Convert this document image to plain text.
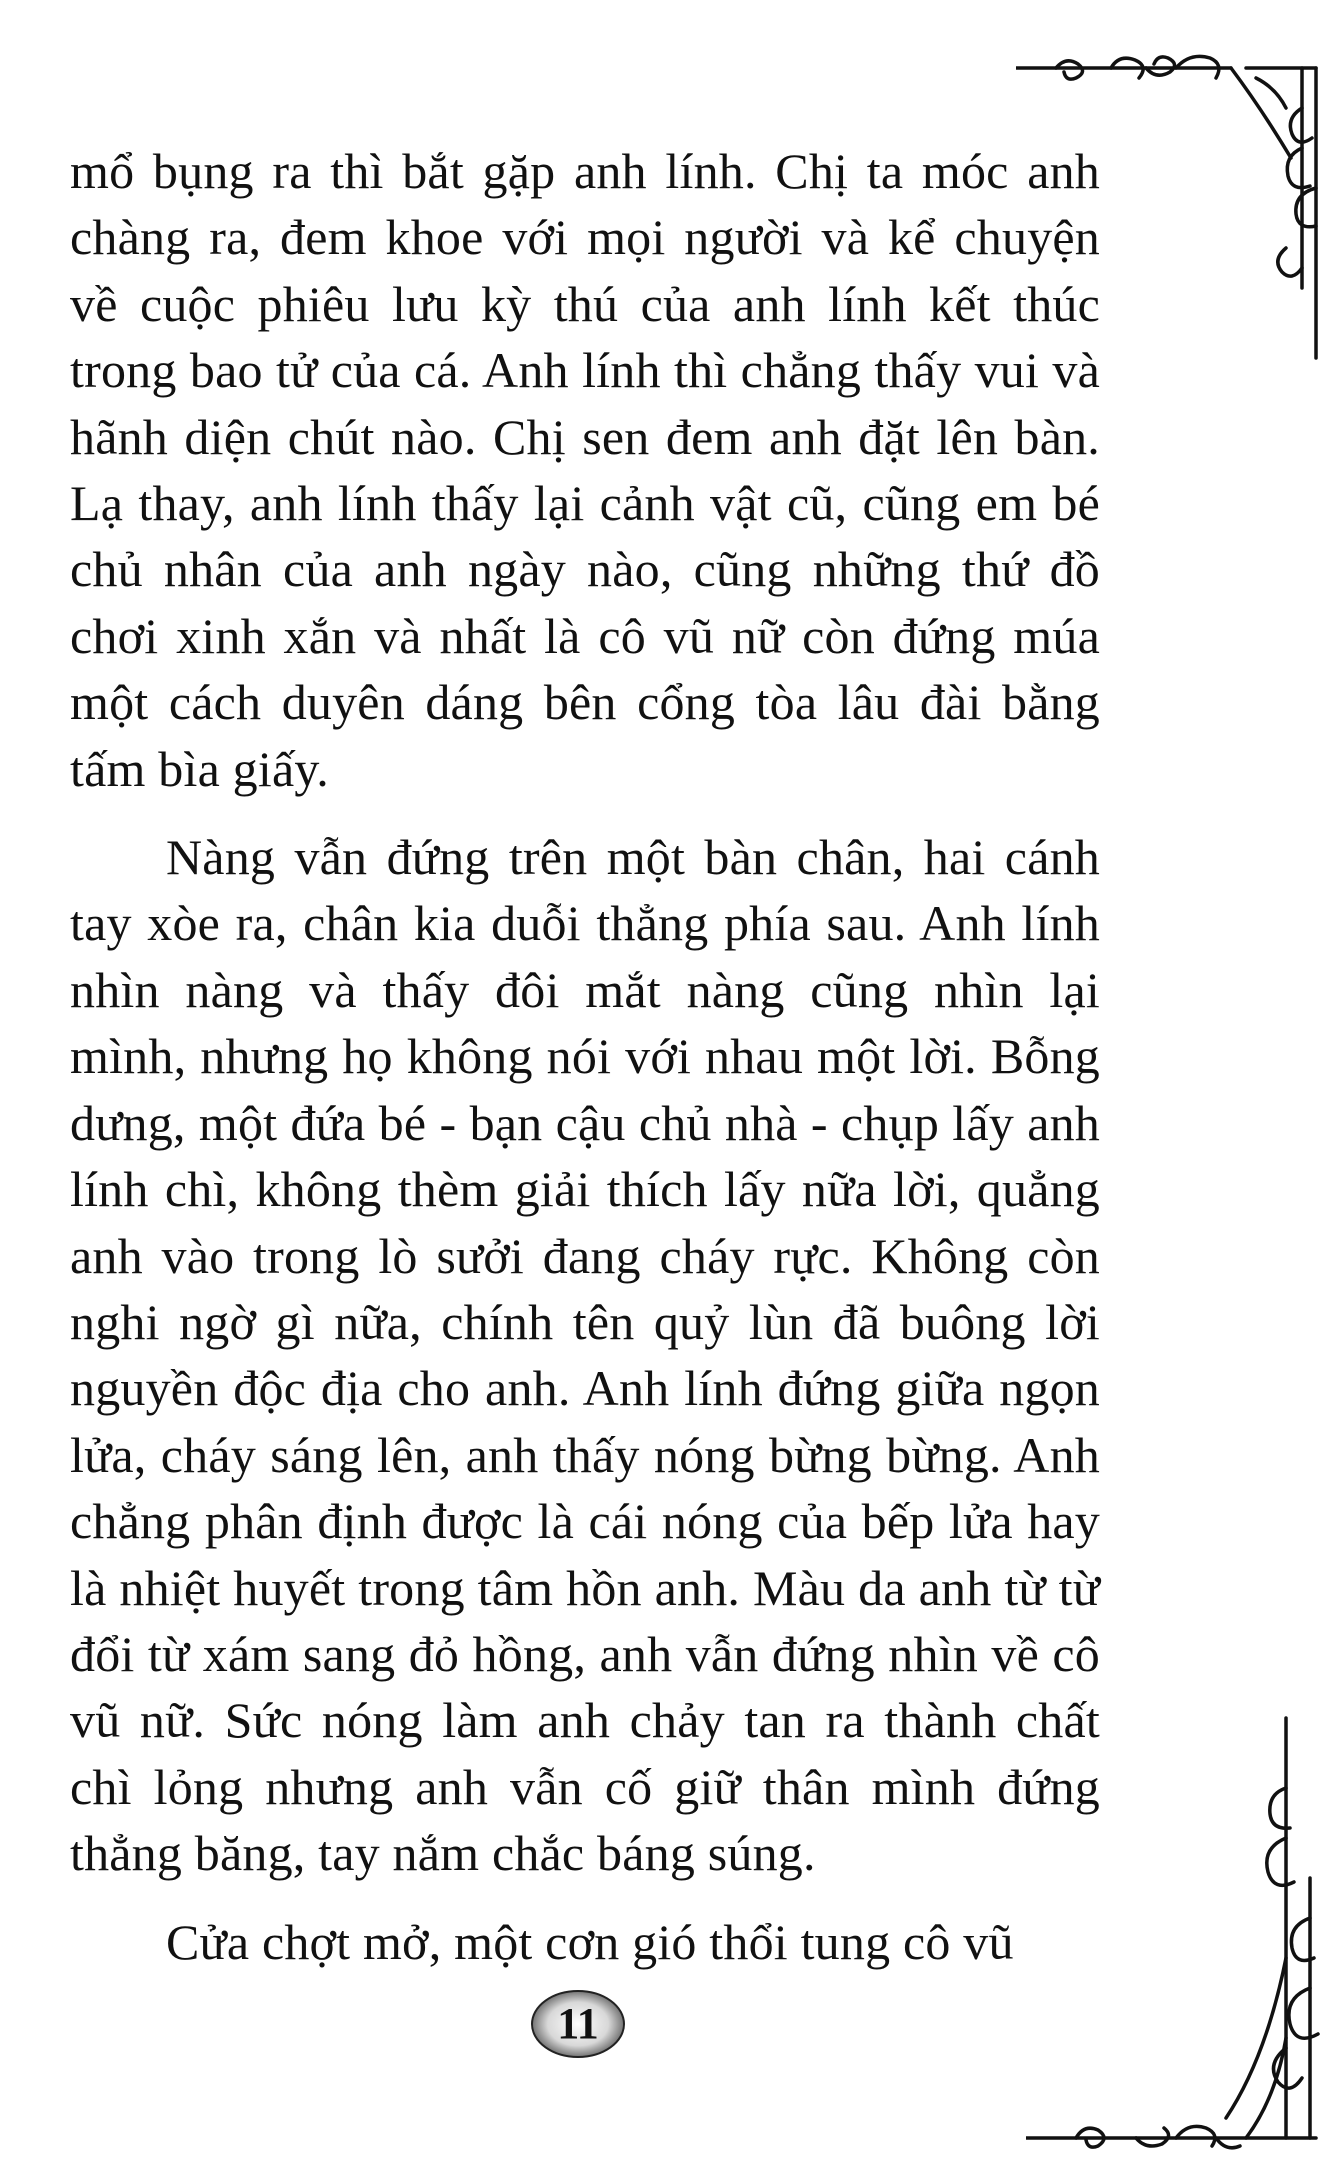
mổ bụng ra thì bắt gặp anh lính. Chị ta móc anh chàng ra, đem khoe với mọi người và kể chuyện về cuộc phiêu lưu kỳ thú của anh lính kết thúc trong bao tử của cá. Anh lính thì chẳng thấy vui và hãnh diện chút nào. Chị sen đem anh đặt lên bàn. Lạ thay, anh lính thấy lại cảnh vật cũ, cũng em bé chủ nhân của anh ngày nào, cũng những thứ đồ chơi xinh xắn và nhất là cô vũ nữ còn đứng múa một cách duyên dáng bên cổng tòa lâu đài bằng tấm bìa giấy.

Nàng vẫn đứng trên một bàn chân, hai cánh tay xòe ra, chân kia duỗi thẳng phía sau. Anh lính nhìn nàng và thấy đôi mắt nàng cũng nhìn lại mình, nhưng họ không nói với nhau một lời. Bỗng dưng, một đứa bé - bạn cậu chủ nhà - chụp lấy anh lính chì, không thèm giải thích lấy nữa lời, quẳng anh vào trong lò sưởi đang cháy rực. Không còn nghi ngờ gì nữa, chính tên quỷ lùn đã buông lời nguyền độc địa cho anh. Anh lính đứng giữa ngọn lửa, cháy sáng lên, anh thấy nóng bừng bừng. Anh chẳng phân định được là cái nóng của bếp lửa hay là nhiệt huyết trong tâm hồn anh. Màu da anh từ từ đổi từ xám sang đỏ hồng, anh vẫn đứng nhìn về cô vũ nữ. Sức nóng làm anh chảy tan ra thành chất chì lỏng nhưng anh vẫn cố giữ thân mình đứng thẳng băng, tay nắm chắc báng súng.

Cửa chợt mở, một cơn gió thổi tung cô vũ

11
